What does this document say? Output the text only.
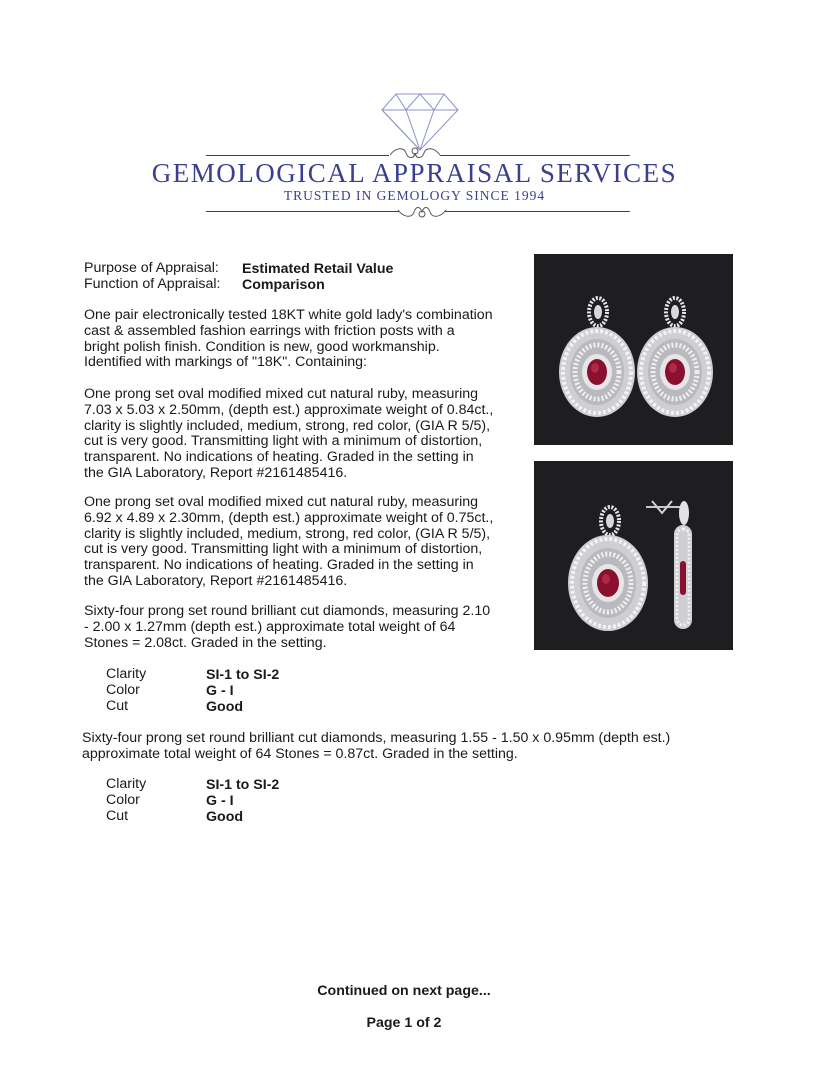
GEMOLOGICAL APPRAISAL SERVICES
TRUSTED IN GEMOLOGY SINCE 1994
Purpose of Appraisal: Estimated Retail Value
Function of Appraisal: Comparison
One pair electronically tested 18KT white gold lady's combination cast & assembled fashion earrings with friction posts with a bright polish finish. Condition is new, good workmanship. Identified with markings of "18K". Containing:
One prong set oval modified mixed cut natural ruby, measuring 7.03 x 5.03 x 2.50mm, (depth est.) approximate weight of 0.84ct., clarity is slightly included, medium, strong, red color, (GIA R 5/5), cut is very good. Transmitting light with a minimum of distortion, transparent. No indications of heating. Graded in the setting in the GIA Laboratory, Report #2161485416.
One prong set oval modified mixed cut natural ruby, measuring 6.92 x 4.89 x 2.30mm, (depth est.) approximate weight of 0.75ct., clarity is slightly included, medium, strong, red color, (GIA R 5/5), cut is very good. Transmitting light with a minimum of distortion, transparent. No indications of heating. Graded in the setting in the GIA Laboratory, Report #2161485416.
Sixty-four prong set round brilliant cut diamonds, measuring 2.10 - 2.00 x 1.27mm (depth est.) approximate total weight of 64 Stones = 2.08ct. Graded in the setting.
Clarity	SI-1 to SI-2
Color	G - I
Cut	Good
Sixty-four prong set round brilliant cut diamonds, measuring 1.55 - 1.50 x 0.95mm (depth est.) approximate total weight of 64 Stones = 0.87ct. Graded in the setting.
Clarity	SI-1 to SI-2
Color	G - I
Cut	Good
Continued on next page...
Page 1 of 2
